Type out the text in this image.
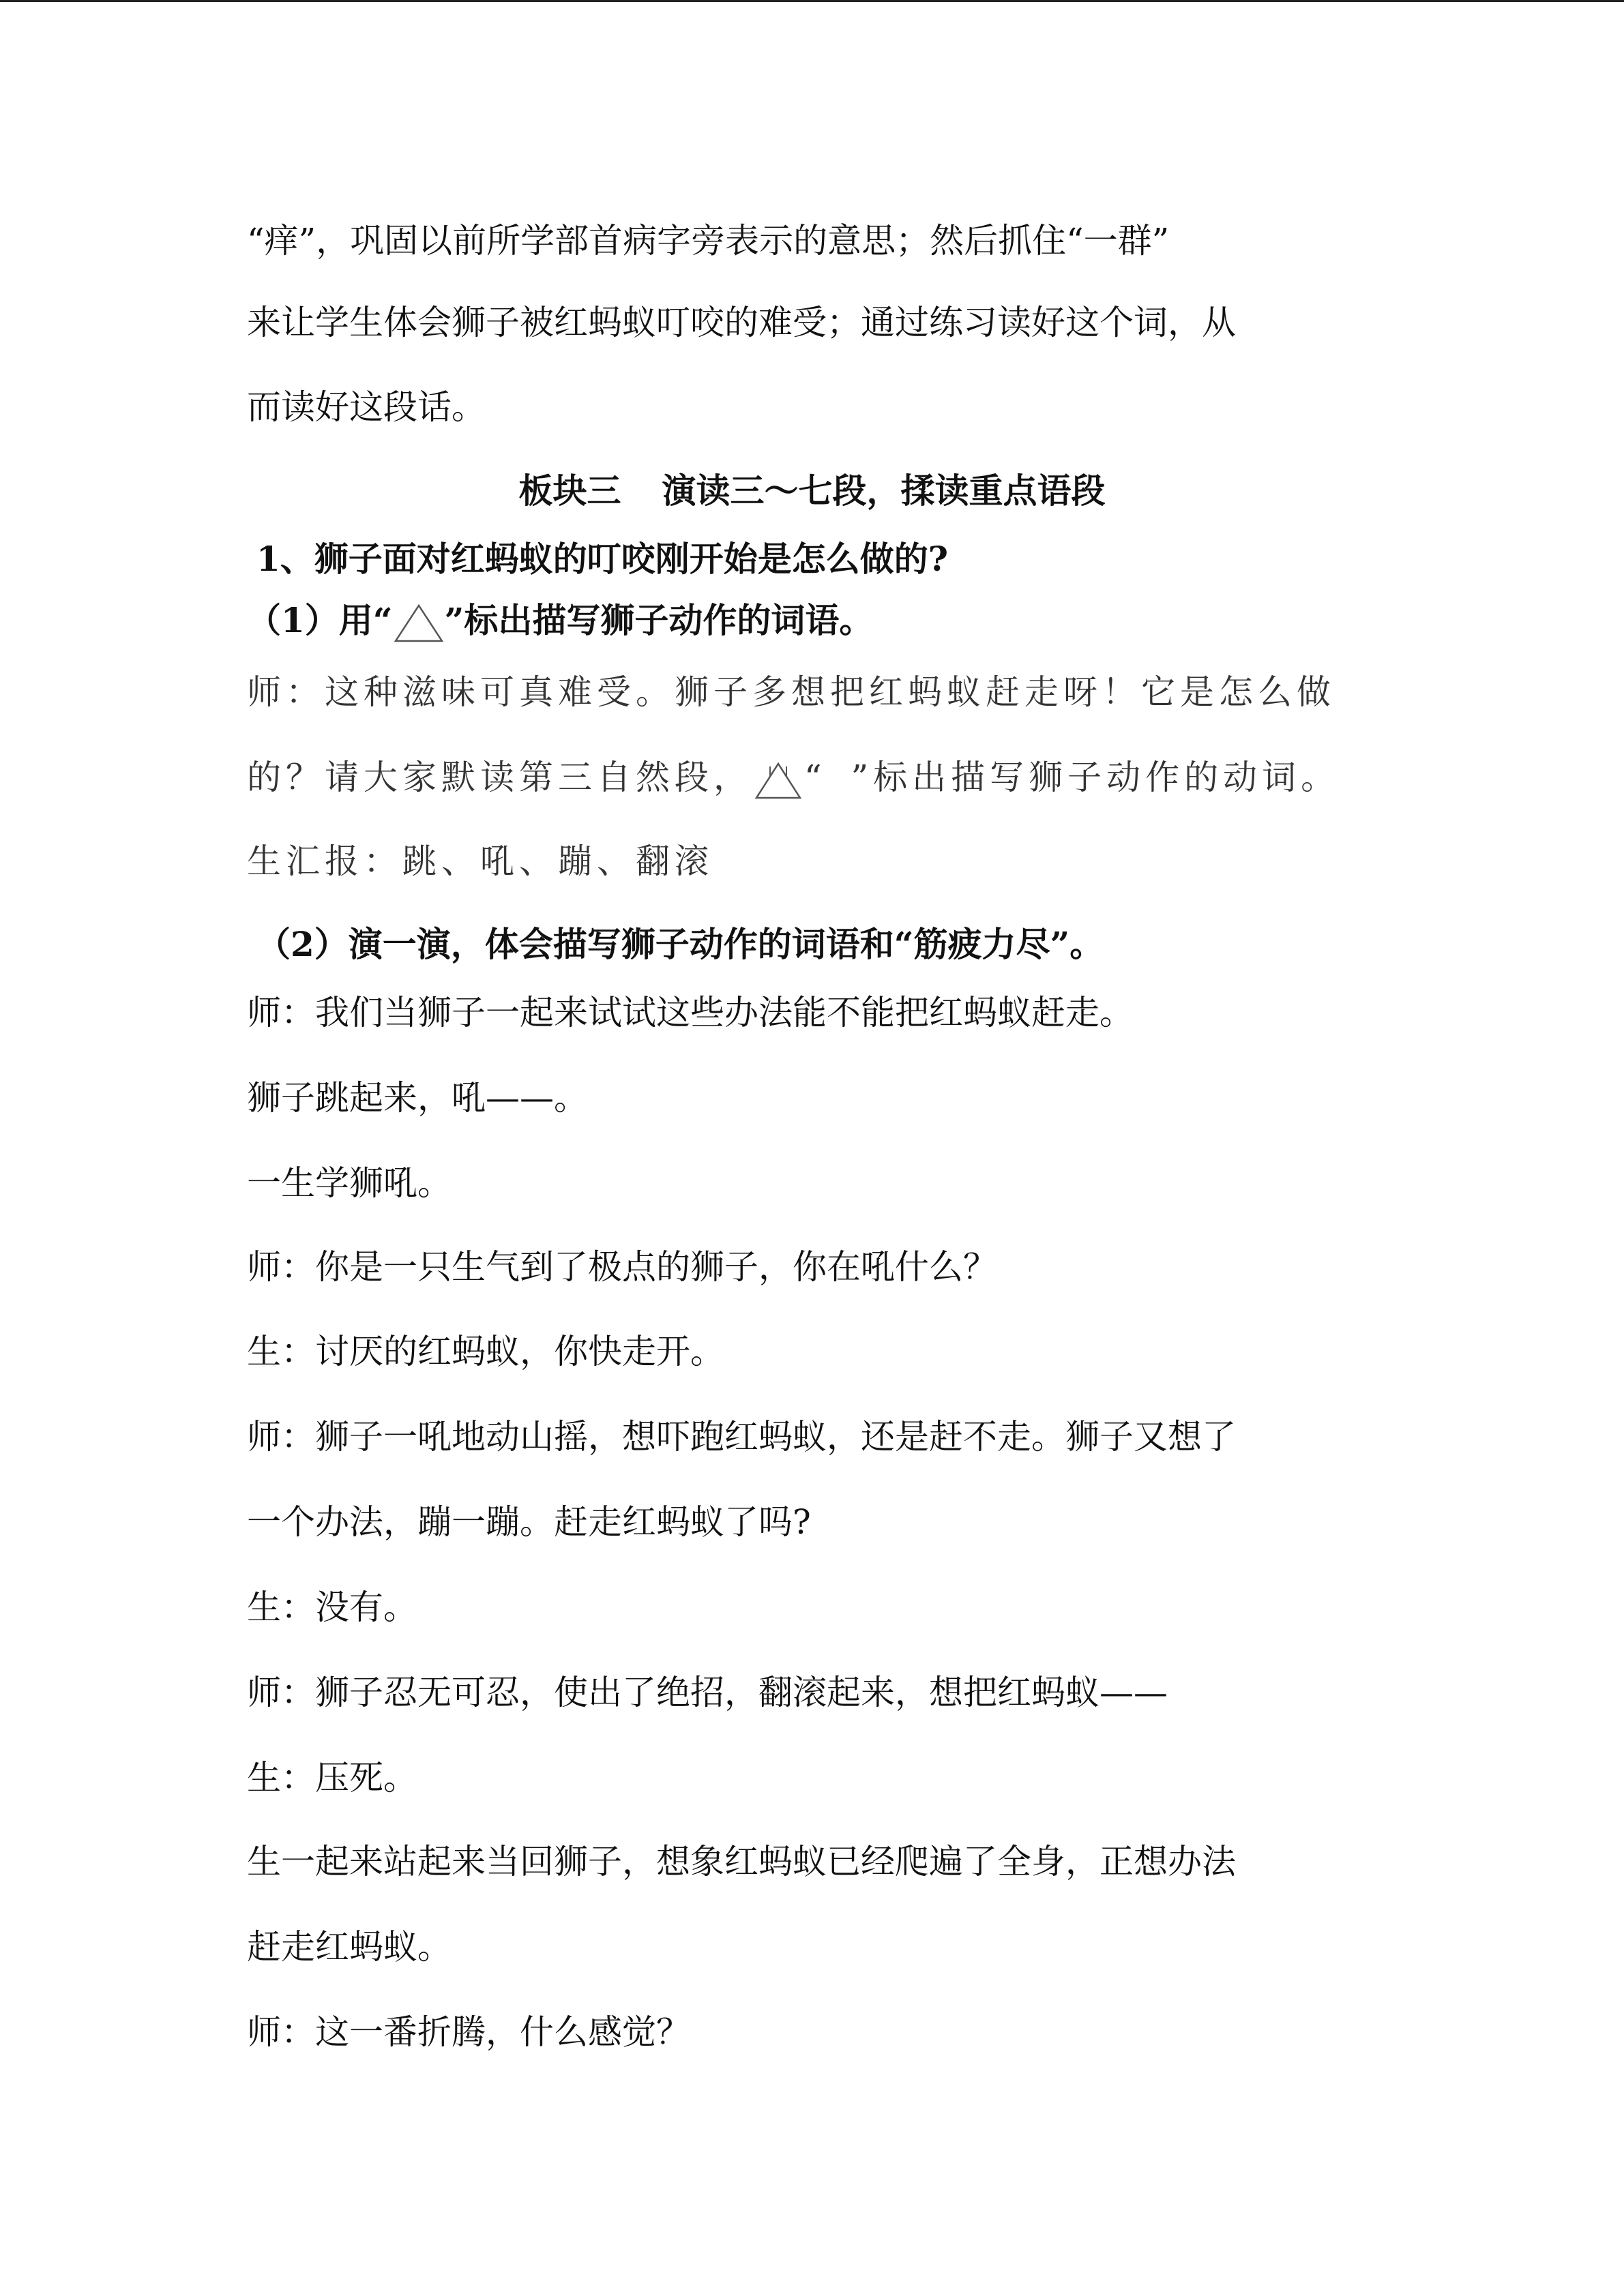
“痒”，巩固以前所学部首病字旁表示的意思；然后抓住“一群”
来让学生体会狮子被红蚂蚁叮咬的难受；通过练习读好这个词，从
而读好这段话。
板块三 演读三～七段，揉读重点语段
1、狮子面对红蚂蚁的叮咬刚开始是怎么做的?
（1）用“ ”标出描写狮子动作的词语。
师：这种滋味可真难受。狮子多想把红蚂蚁赶走呀！它是怎么做
的？请大家默读第三自然段， “ ”标出描写狮子动作的动词。
生汇报：跳、吼、蹦、翻滚
（2）演一演，体会描写狮子动作的词语和“筋疲力尽”。
师：我们当狮子一起来试试这些办法能不能把红蚂蚁赶走。
狮子跳起来，吼——。
一生学狮吼。
师：你是一只生气到了极点的狮子，你在吼什么？
生：讨厌的红蚂蚁，你快走开。
师：狮子一吼地动山摇，想吓跑红蚂蚁，还是赶不走。狮子又想了
一个办法，蹦一蹦。赶走红蚂蚁了吗?
生：没有。
师：狮子忍无可忍，使出了绝招，翻滚起来，想把红蚂蚁——
生：压死。
生一起来站起来当回狮子，想象红蚂蚁已经爬遍了全身，正想办法
赶走红蚂蚁。
师：这一番折腾，什么感觉？
